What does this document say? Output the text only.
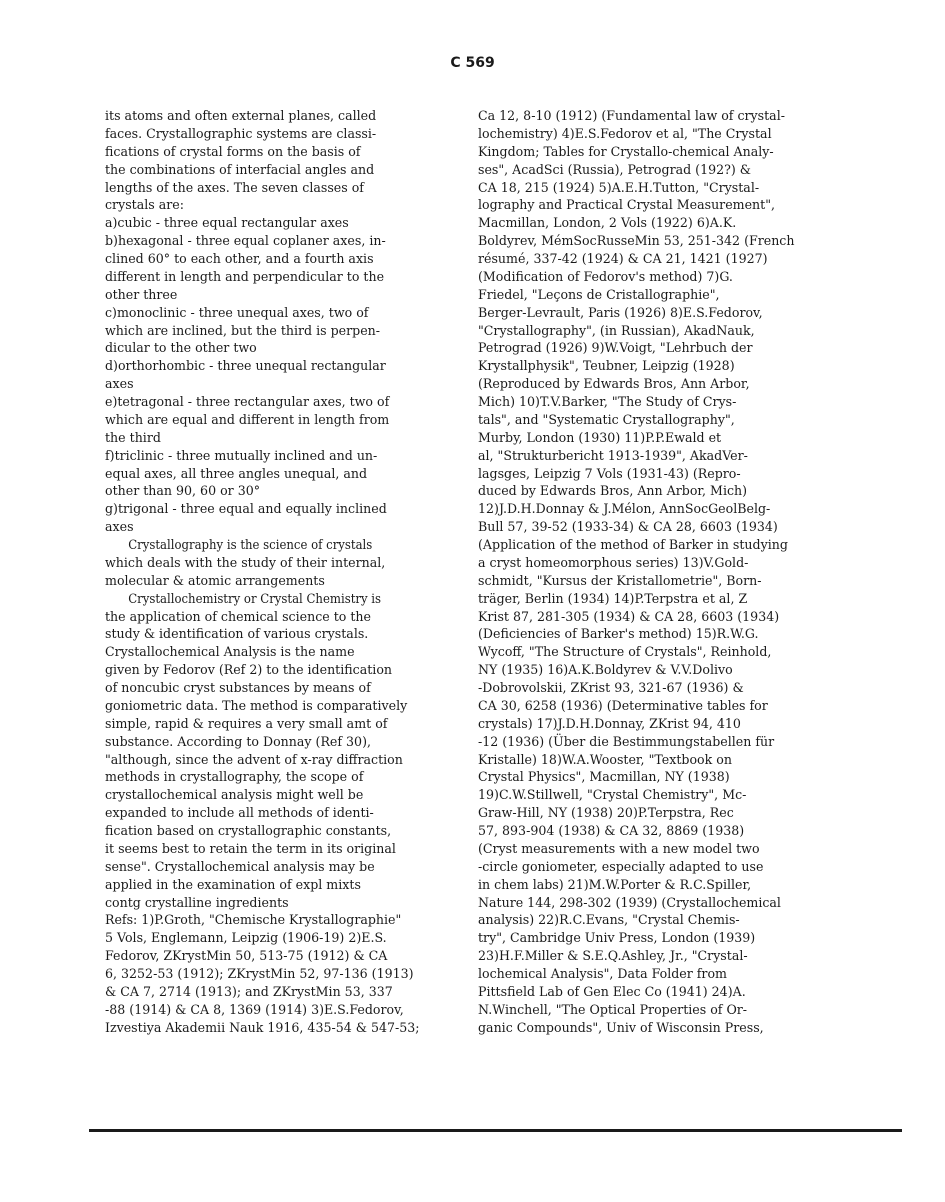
C 569
its atoms and often external planes, called
faces. Crystallographic systems are classi-
fications of crystal forms on the basis of
the combinations of interfacial angles and
lengths of the axes. The seven classes of
crystals are:
a)cubic - three equal rectangular axes
b)hexagonal - three equal coplaner axes, in-
clined 60° to each other, and a fourth axis
different in length and perpendicular to the
other three
c)monoclinic - three unequal axes, two of
which are inclined, but the third is perpen-
dicular to the other two
d)orthorhombic - three unequal rectangular
axes
e)tetragonal - three rectangular axes, two of
which are equal and different in length from
the third
f)triclinic - three mutually inclined and un-
equal axes, all three angles unequal, and
other than 90, 60 or 30°
g)trigonal - three equal and equally inclined
axes
Crystallography is the science of crystals
which deals with the study of their internal,
molecular & atomic arrangements
Crystallochemistry or Crystal Chemistry is
the application of chemical science to the
study & identification of various crystals.
Crystallochemical Analysis is the name
given by Fedorov (Ref 2) to the identification
of noncubic cryst substances by means of
goniometric data. The method is comparatively
simple, rapid & requires a very small amt of
substance. According to Donnay (Ref 30),
"although, since the advent of x-ray diffraction
methods in crystallography, the scope of
crystallochemical analysis might well be
expanded to include all methods of identi-
fication based on crystallographic constants,
it seems best to retain the term in its original
sense". Crystallochemical analysis may be
applied in the examination of expl mixts
contg crystalline ingredients
Refs: 1)P.Groth, "Chemische Krystallographie"
5 Vols, Englemann, Leipzig (1906-19) 2)E.S.
Fedorov, ZKrystMin 50, 513-75 (1912) & CA
6, 3252-53 (1912); ZKrystMin 52, 97-136 (1913)
& CA 7, 2714 (1913); and ZKrystMin 53, 337
-88 (1914) & CA 8, 1369 (1914) 3)E.S.Fedorov,
Izvestiya Akademii Nauk 1916, 435-54 & 547-53;
Ca 12, 8-10 (1912) (Fundamental law of crystal-
lochemistry) 4)E.S.Fedorov et al, "The Crystal
Kingdom; Tables for Crystallo-chemical Analy-
ses", AcadSci (Russia), Petrograd (192?) &
CA 18, 215 (1924) 5)A.E.H.Tutton, "Crystal-
lography and Practical Crystal Measurement",
Macmillan, London, 2 Vols (1922) 6)A.K.
Boldyrev, MémSocRusseMin 53, 251-342 (French
résumé, 337-42 (1924) & CA 21, 1421 (1927)
(Modification of Fedorov's method) 7)G.
Friedel, "Leçons de Cristallographie",
Berger-Levrault, Paris (1926) 8)E.S.Fedorov,
"Crystallography", (in Russian), AkadNauk,
Petrograd (1926) 9)W.Voigt, "Lehrbuch der
Krystallphysik", Teubner, Leipzig (1928)
(Reproduced by Edwards Bros, Ann Arbor,
Mich) 10)T.V.Barker, "The Study of Crys-
tals", and "Systematic Crystallography",
Murby, London (1930) 11)P.P.Ewald et
al, "Strukturbericht 1913-1939", AkadVer-
lagsges, Leipzig 7 Vols (1931-43) (Repro-
duced by Edwards Bros, Ann Arbor, Mich)
12)J.D.H.Donnay & J.Mélon, AnnSocGeolBelg-
Bull 57, 39-52 (1933-34) & CA 28, 6603 (1934)
(Application of the method of Barker in studying
a cryst homeomorphous series) 13)V.Gold-
schmidt, "Kursus der Kristallometrie", Born-
träger, Berlin (1934) 14)P.Terpstra et al, Z
Krist 87, 281-305 (1934) & CA 28, 6603 (1934)
(Deficiencies of Barker's method) 15)R.W.G.
Wycoff, "The Structure of Crystals", Reinhold,
NY (1935) 16)A.K.Boldyrev & V.V.Dolivo
-Dobrovolskii, ZKrist 93, 321-67 (1936) &
CA 30, 6258 (1936) (Determinative tables for
crystals) 17)J.D.H.Donnay, ZKrist 94, 410
-12 (1936) (Über die Bestimmungstabellen für
Kristalle) 18)W.A.Wooster, "Textbook on
Crystal Physics", Macmillan, NY (1938)
19)C.W.Stillwell, "Crystal Chemistry", Mc-
Graw-Hill, NY (1938) 20)P.Terpstra, Rec
57, 893-904 (1938) & CA 32, 8869 (1938)
(Cryst measurements with a new model two
-circle goniometer, especially adapted to use
in chem labs) 21)M.W.Porter & R.C.Spiller,
Nature 144, 298-302 (1939) (Crystallochemical
analysis) 22)R.C.Evans, "Crystal Chemis-
try", Cambridge Univ Press, London (1939)
23)H.F.Miller & S.E.Q.Ashley, Jr., "Crystal-
lochemical Analysis", Data Folder from
Pittsfield Lab of Gen Elec Co (1941) 24)A.
N.Winchell, "The Optical Properties of Or-
ganic Compounds", Univ of Wisconsin Press,
